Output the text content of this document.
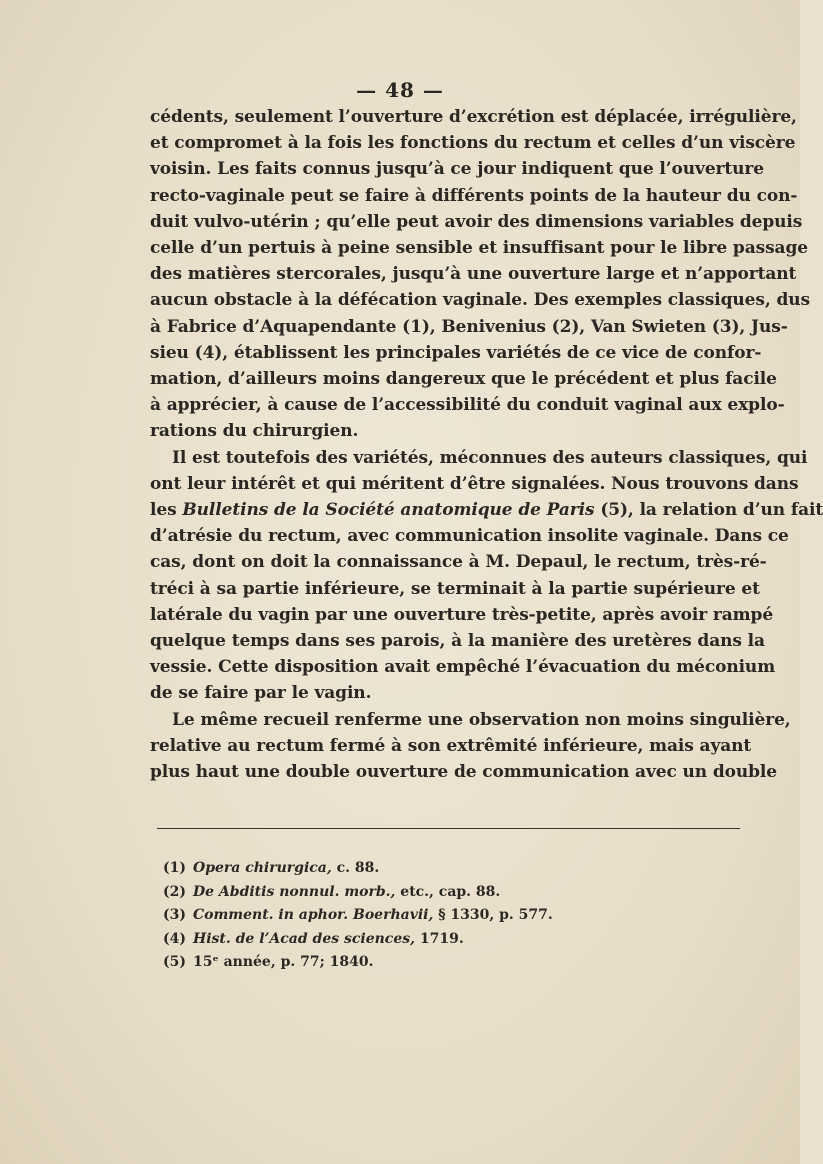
— 48 —
cédents, seulement l’ouverture d’excrétion est déplacée, irrégulière,
et compromet à la fois les fonctions du rectum et celles d’un viscère
voisin. Les faits connus jusqu’à ce jour indiquent que l’ouverture
recto-vaginale peut se faire à différents points de la hauteur du con-
duit vulvo-utérin ; qu’elle peut avoir des dimensions variables depuis
celle d’un pertuis à peine sensible et insuffisant pour le libre passage
des matières stercorales, jusqu’à une ouverture large et n’apportant
aucun obstacle à la défécation vaginale. Des exemples classiques, dus
à Fabrice d’Aquapendante (1), Benivenius (2), Van Swieten (3), Jus-
sieu (4), établissent les principales variétés de ce vice de confor-
mation, d’ailleurs moins dangereux que le précédent et plus facile
à apprécier, à cause de l’accessibilité du conduit vaginal aux explo-
rations du chirurgien.
Il est toutefois des variétés, méconnues des auteurs classiques, qui
ont leur intérêt et qui méritent d’être signalées. Nous trouvons dans
les Bulletins de la Société anatomique de Paris (5), la relation d’un fait
d’atrésie du rectum, avec communication insolite vaginale. Dans ce
cas, dont on doit la connaissance à M. Depaul, le rectum, très-ré-
tréci à sa partie inférieure, se terminait à la partie supérieure et
latérale du vagin par une ouverture très-petite, après avoir rampé
quelque temps dans ses parois, à la manière des uretères dans la
vessie. Cette disposition avait empêché l’évacuation du méconium
de se faire par le vagin.
Le même recueil renferme une observation non moins singulière,
relative au rectum fermé à son extrêmité inférieure, mais ayant
plus haut une double ouverture de communication avec un double
(1) Opera chirurgica, c. 88.
(2) De Abditis nonnul. morb., etc., cap. 88.
(3) Comment. in aphor. Boerhavii, § 1330, p. 577.
(4) Hist. de l’Acad des sciences, 1719.
(5) 15ᵉ année, p. 77; 1840.
